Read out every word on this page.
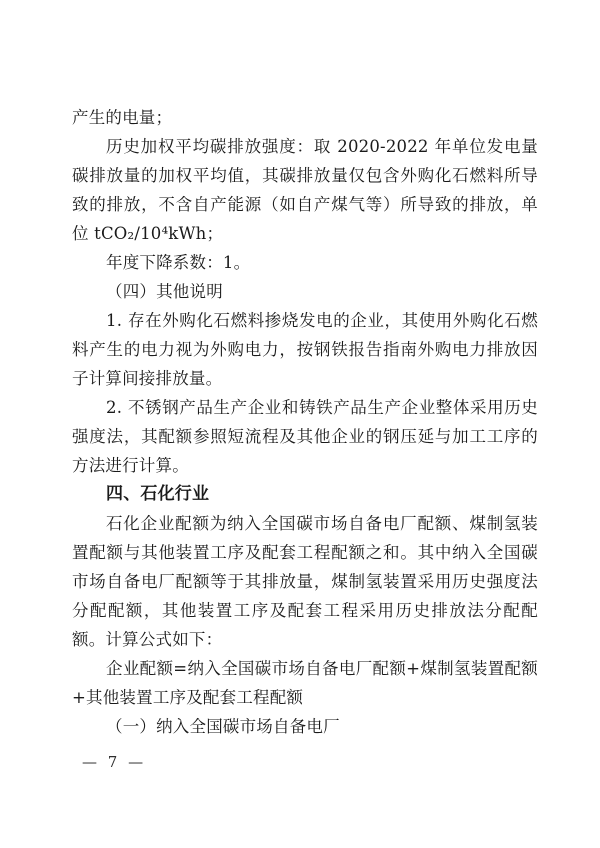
产生的电量；

历史加权平均碳排放强度：取 2020-2022 年单位发电量碳排放量的加权平均值，其碳排放量仅包含外购化石燃料所导致的排放，不含自产能源（如自产煤气等）所导致的排放，单位 tCO₂/10⁴kWh；

年度下降系数：1。

（四）其他说明

1. 存在外购化石燃料掺烧发电的企业，其使用外购化石燃料产生的电力视为外购电力，按钢铁报告指南外购电力排放因子计算间接排放量。

2. 不锈钢产品生产企业和铸铁产品生产企业整体采用历史强度法，其配额参照短流程及其他企业的钢压延与加工工序的方法进行计算。

四、石化行业

石化企业配额为纳入全国碳市场自备电厂配额、煤制氢装置配额与其他装置工序及配套工程配额之和。其中纳入全国碳市场自备电厂配额等于其排放量，煤制氢装置采用历史强度法分配配额，其他装置工序及配套工程采用历史排放法分配配额。计算公式如下：

企业配额=纳入全国碳市场自备电厂配额+煤制氢装置配额+其他装置工序及配套工程配额

（一）纳入全国碳市场自备电厂

— 7 —
